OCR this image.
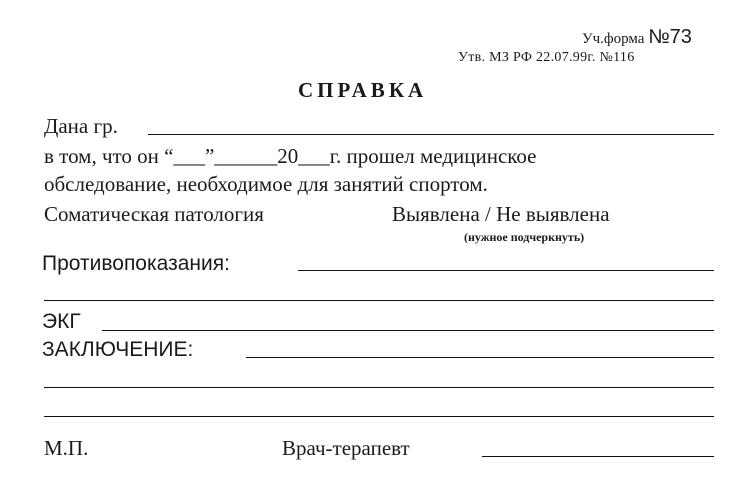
Уч.форма №73
Утв. МЗ РФ 22.07.99г. №116
СПРАВКА
Дана гр.
в том, что он “___”______20___г. прошел медицинское
обследование, необходимое для занятий спортом.
Соматическая патология	Выявлена / Не выявлена
(нужное подчеркнуть)
Противопоказания:
ЭКГ
ЗАКЛЮЧЕНИЕ:
М.П.	Врач-терапевт
